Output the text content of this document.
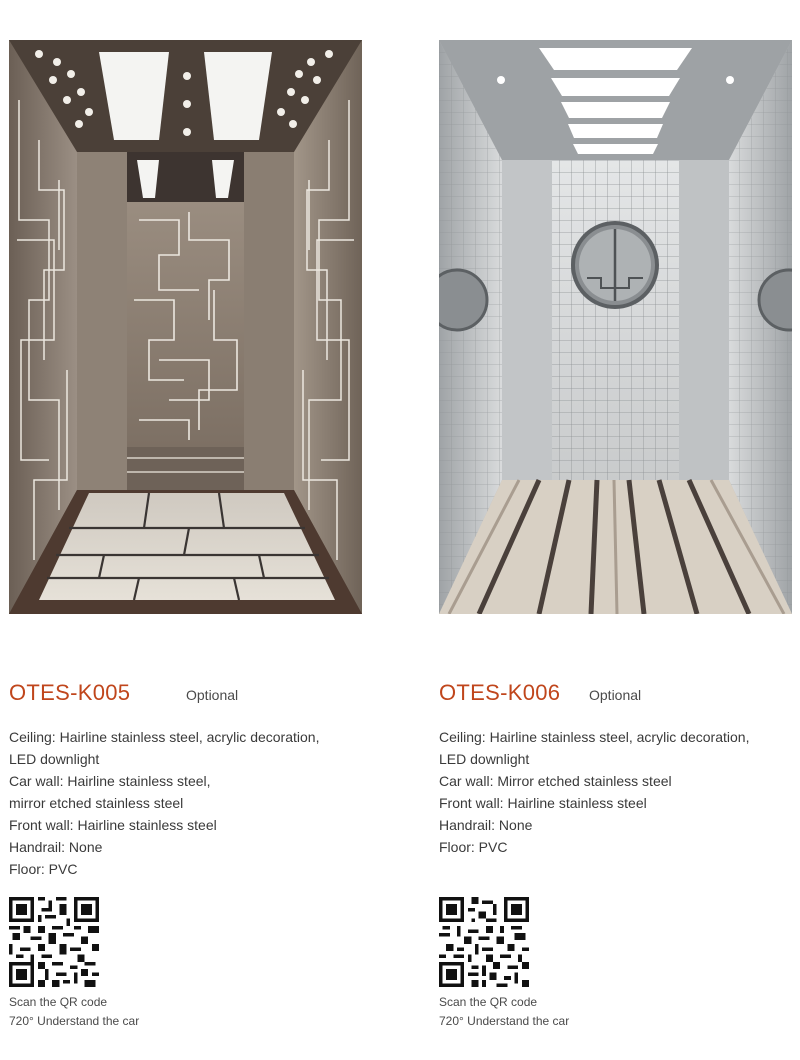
OTES-K005	Optional
Ceiling: Hairline stainless steel, acrylic decoration,
LED downlight
Car wall: Hairline stainless steel,
mirror etched stainless steel
Front wall: Hairline stainless steel
Handrail: None
Floor: PVC
Scan the QR code
720° Understand the car
OTES-K006 Optional
Ceiling: Hairline stainless steel, acrylic decoration,
LED downlight
Car wall: Mirror etched stainless steel
Front wall: Hairline stainless steel
Handrail: None
Floor: PVC
Scan the QR code
720° Understand the car
